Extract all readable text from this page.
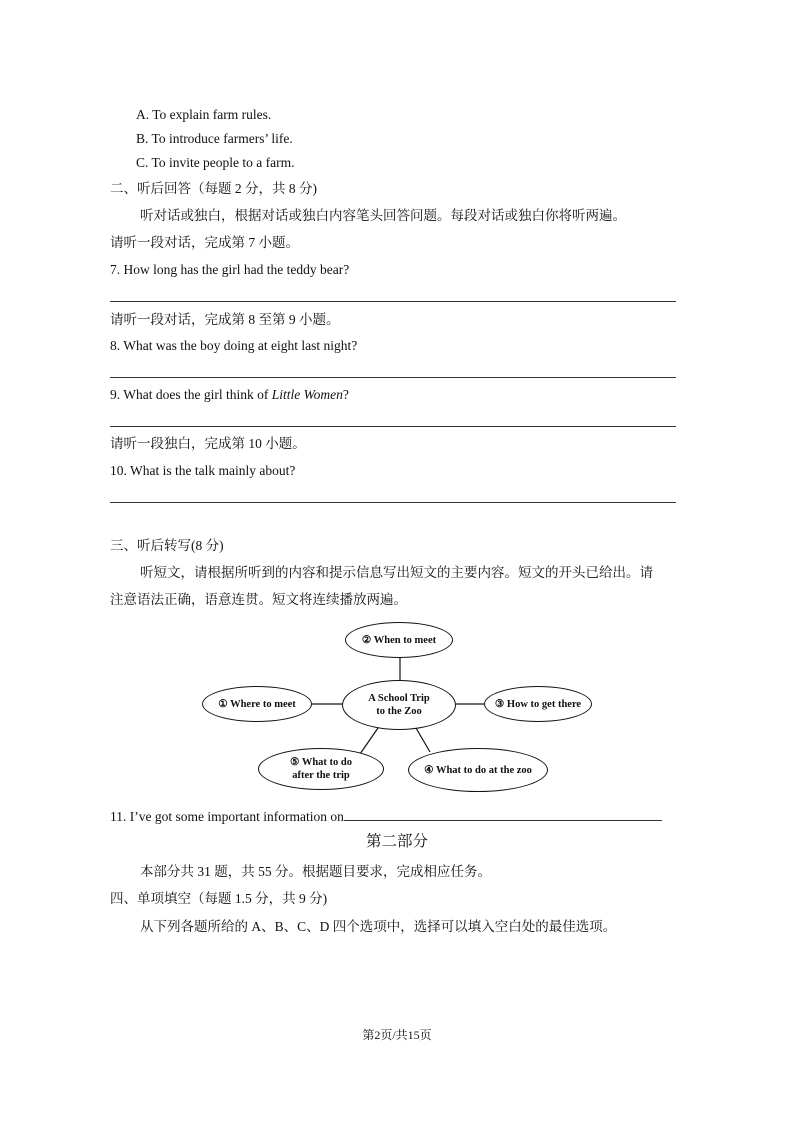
A. To explain farm rules.
B. To introduce farmers’ life.
C. To invite people to a farm.
二、听后回答（每题 2 分，共 8 分)
听对话或独白，根据对话或独白内容笔头回答问题。每段对话或独白你将听两遍。
请听一段对话，完成第 7 小题。
7. How long has the girl had the teddy bear?
请听一段对话，完成第 8 至第 9 小题。
8. What was the boy doing at eight last night?
9. What does the girl think of Little Women?
请听一段独白，完成第 10 小题。
10. What is the talk mainly about?
三、听后转写(8 分)
听短文，请根据所听到的内容和提示信息写出短文的主要内容。短文的开头已给出。请
注意语法正确，语意连贯。短文将连续播放两遍。
② When to meet
① Where to meet	A School Trip
to the Zoo
③ How to get there
⑤ What to do
after the trip	④ What to do at the zoo
11. I’ve got some important information on
第二部分
本部分共 31 题，共 55 分。根据题目要求，完成相应任务。
四、单项填空（每题 1.5 分，共 9 分)
从下列各题所给的 A、B、C、D 四个选项中，选择可以填入空白处的最佳选项。
第2页/共15页
